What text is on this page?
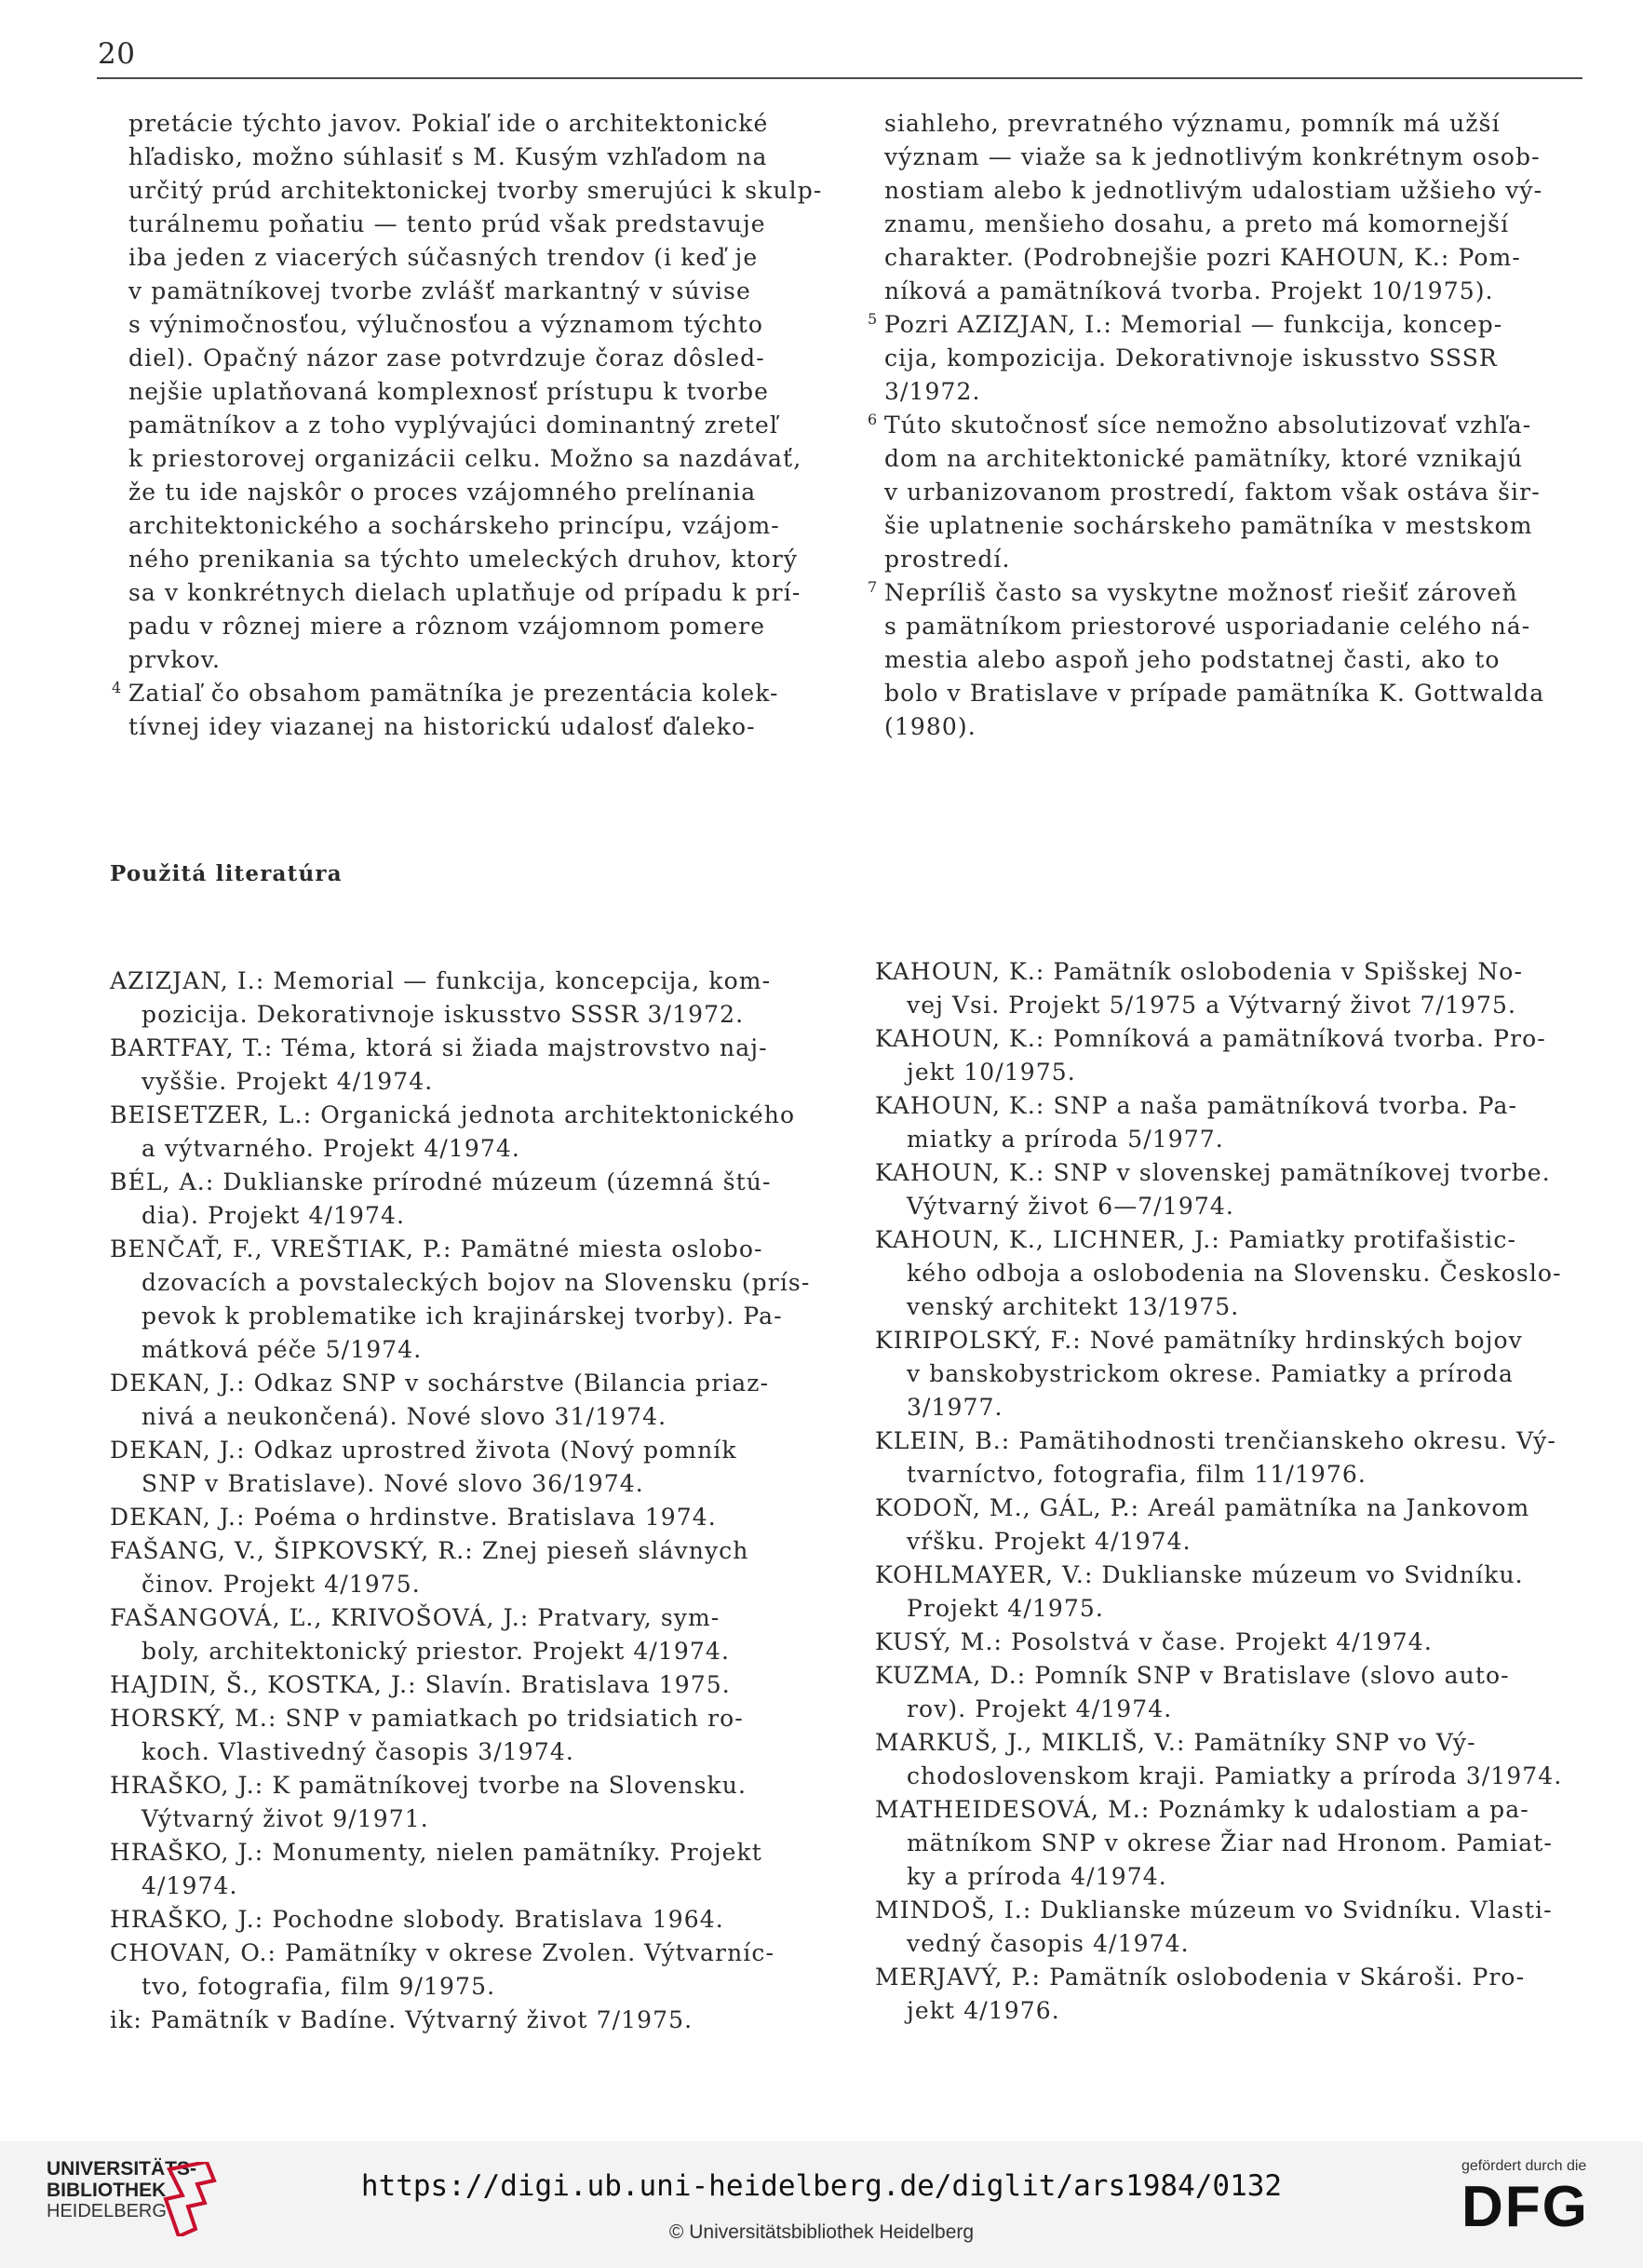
20

pretácie týchto javov. Pokiaľ ide o architektonické
hľadisko, možno súhlasiť s M. Kusým vzhľadom na
určitý prúd architektonickej tvorby smerujúci k skulp-
turálnemu poňatiu — tento prúd však predstavuje
iba jeden z viacerých súčasných trendov (i keď je
v pamätníkovej tvorbe zvlášť markantný v súvise
s výnimočnosťou, výlučnosťou a významom týchto
diel). Opačný názor zase potvrdzuje čoraz dôsled-
nejšie uplatňovaná komplexnosť prístupu k tvorbe
pamätníkov a z toho vyplývajúci dominantný zreteľ
k priestorovej organizácii celku. Možno sa nazdávať,
že tu ide najskôr o proces vzájomného prelínania
architektonického a sochárskeho princípu, vzájom-
ného prenikania sa týchto umeleckých druhov, ktorý
sa v konkrétnych dielach uplatňuje od prípadu k prí-
padu v rôznej miere a rôznom vzájomnom pomere
prvkov.

4 Zatiaľ čo obsahom pamätníka je prezentácia kolek-
tívnej idey viazanej na historickú udalosť ďaleko-

siahleho, prevratného významu, pomník má užší
význam — viaže sa k jednotlivým konkrétnym osob-
nostiam alebo k jednotlivým udalostiam užšieho vý-
znamu, menšieho dosahu, a preto má komornejší
charakter. (Podrobnejšie pozri KAHOUN, K.: Pom-
níková a pamätníková tvorba. Projekt 10/1975).

5 Pozri AZIZJAN, I.: Memorial — funkcija, koncep-
cija, kompozicija. Dekorativnoje iskusstvo SSSR
3/1972.

6 Túto skutočnosť síce nemožno absolutizovať vzhľa-
dom na architektonické pamätníky, ktoré vznikajú
v urbanizovanom prostredí, faktom však ostáva šir-
šie uplatnenie sochárskeho pamätníka v mestskom
prostredí.

7 Nepríliš často sa vyskytne možnosť riešiť zároveň
s pamätníkom priestorové usporiadanie celého ná-
mestia alebo aspoň jeho podstatnej časti, ako to
bolo v Bratislave v prípade pamätníka K. Gottwalda
(1980).

Použitá literatúra

AZIZJAN, I.: Memorial — funkcija, koncepcija, kom-
pozicija. Dekorativnoje iskusstvo SSSR 3/1972.

BARTFAY, T.: Téma, ktorá si žiada majstrovstvo naj-
vyššie. Projekt 4/1974.

BEISETZER, L.: Organická jednota architektonického
a výtvarného. Projekt 4/1974.

BÉL, A.: Duklianske prírodné múzeum (územná štú-
dia). Projekt 4/1974.

BENČAŤ, F., VREŠTIAK, P.: Pamätné miesta oslobo-
dzovacích a povstaleckých bojov na Slovensku (prís-
pevok k problematike ich krajinárskej tvorby). Pa-
mátková péče 5/1974.

DEKAN, J.: Odkaz SNP v sochárstve (Bilancia priaz-
nivá a neukončená). Nové slovo 31/1974.

DEKAN, J.: Odkaz uprostred života (Nový pomník
SNP v Bratislave). Nové slovo 36/1974.

DEKAN, J.: Poéma o hrdinstve. Bratislava 1974.

FAŠANG, V., ŠIPKOVSKÝ, R.: Znej pieseň slávnych
činov. Projekt 4/1975.

FAŠANGOVÁ, Ľ., KRIVOŠOVÁ, J.: Pratvary, sym-
boly, architektonický priestor. Projekt 4/1974.

HAJDIN, Š., KOSTKA, J.: Slavín. Bratislava 1975.

HORSKÝ, M.: SNP v pamiatkach po tridsiatich ro-
koch. Vlastivedný časopis 3/1974.

HRAŠKO, J.: K pamätníkovej tvorbe na Slovensku.
Výtvarný život 9/1971.

HRAŠKO, J.: Monumenty, nielen pamätníky. Projekt
4/1974.

HRAŠKO, J.: Pochodne slobody. Bratislava 1964.

CHOVAN, O.: Pamätníky v okrese Zvolen. Výtvarníc-
tvo, fotografia, film 9/1975.

ik: Pamätník v Badíne. Výtvarný život 7/1975.

KAHOUN, K.: Pamätník oslobodenia v Spišskej No-
vej Vsi. Projekt 5/1975 a Výtvarný život 7/1975.

KAHOUN, K.: Pomníková a pamätníková tvorba. Pro-
jekt 10/1975.

KAHOUN, K.: SNP a naša pamätníková tvorba. Pa-
miatky a príroda 5/1977.

KAHOUN, K.: SNP v slovenskej pamätníkovej tvorbe.
Výtvarný život 6—7/1974.

KAHOUN, K., LICHNER, J.: Pamiatky protifašistic-
kého odboja a oslobodenia na Slovensku. Českoslo-
venský architekt 13/1975.

KIRIPOLSKÝ, F.: Nové pamätníky hrdinských bojov
v banskobystrickom okrese. Pamiatky a príroda
3/1977.

KLEIN, B.: Pamätihodnosti trenčianskeho okresu. Vý-
tvarníctvo, fotografia, film 11/1976.

KODOŇ, M., GÁL, P.: Areál pamätníka na Jankovom
vŕšku. Projekt 4/1974.

KOHLMAYER, V.: Duklianske múzeum vo Svidníku.
Projekt 4/1975.

KUSÝ, M.: Posolstvá v čase. Projekt 4/1974.

KUZMA, D.: Pomník SNP v Bratislave (slovo auto-
rov). Projekt 4/1974.

MARKUŠ, J., MIKLIŠ, V.: Pamätníky SNP vo Vý-
chodoslovenskom kraji. Pamiatky a príroda 3/1974.

MATHEIDESOVÁ, M.: Poznámky k udalostiam a pa-
mätníkom SNP v okrese Žiar nad Hronom. Pamiat-
ky a príroda 4/1974.

MINDOŠ, I.: Duklianske múzeum vo Svidníku. Vlasti-
vedný časopis 4/1974.

MERJAVÝ, P.: Pamätník oslobodenia v Skároši. Pro-
jekt 4/1976.

UNIVERSITÄTS-
BIBLIOTHEK
HEIDELBERG
https://digi.ub.uni-heidelberg.de/diglit/ars1984/0132
© Universitätsbibliothek Heidelberg
gefördert durch die
DFG
